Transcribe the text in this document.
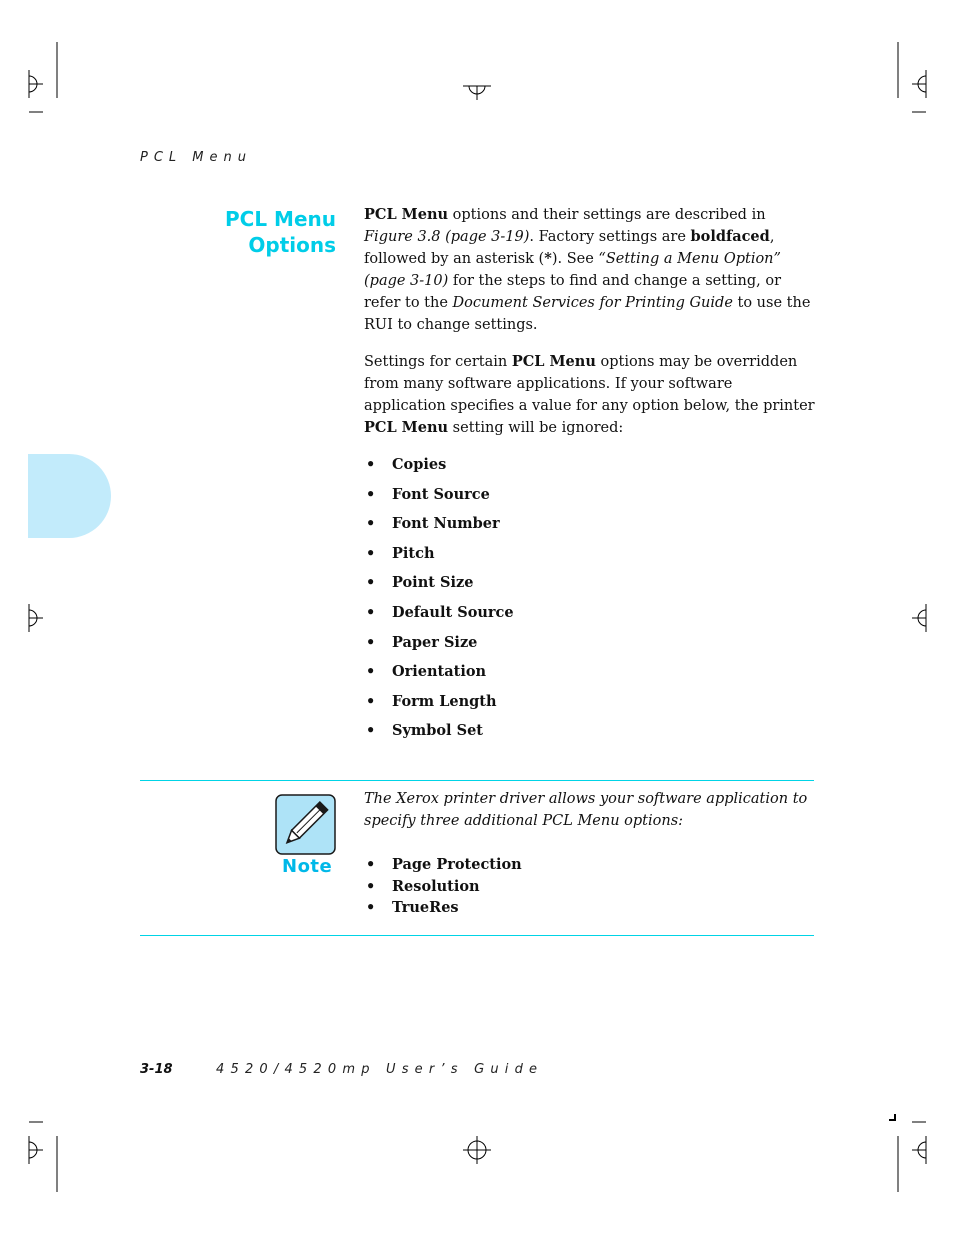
PCL Menu
PCL Menu
Options
PCL Menu options and their settings are described in Figure 3.8 (page 3-19). Factory settings are boldfaced, followed by an asterisk (*). See “Setting a Menu Option” (page 3-10) for the steps to find and change a setting, or refer to the Document Services for Printing Guide to use the RUI to change settings.
Settings for certain PCL Menu options may be overridden from many software applications. If your software application specifies a value for any option below, the printer PCL Menu setting will be ignored:
• Copies
• Font Source
• Font Number
• Pitch
• Point Size
• Default Source
• Paper Size
• Orientation
• Form Length
• Symbol Set
Note
The Xerox printer driver allows your software application to specify three additional PCL Menu options:
• Page Protection
• Resolution
• TrueRes
3-18	4520/4520mp User’s Guide
